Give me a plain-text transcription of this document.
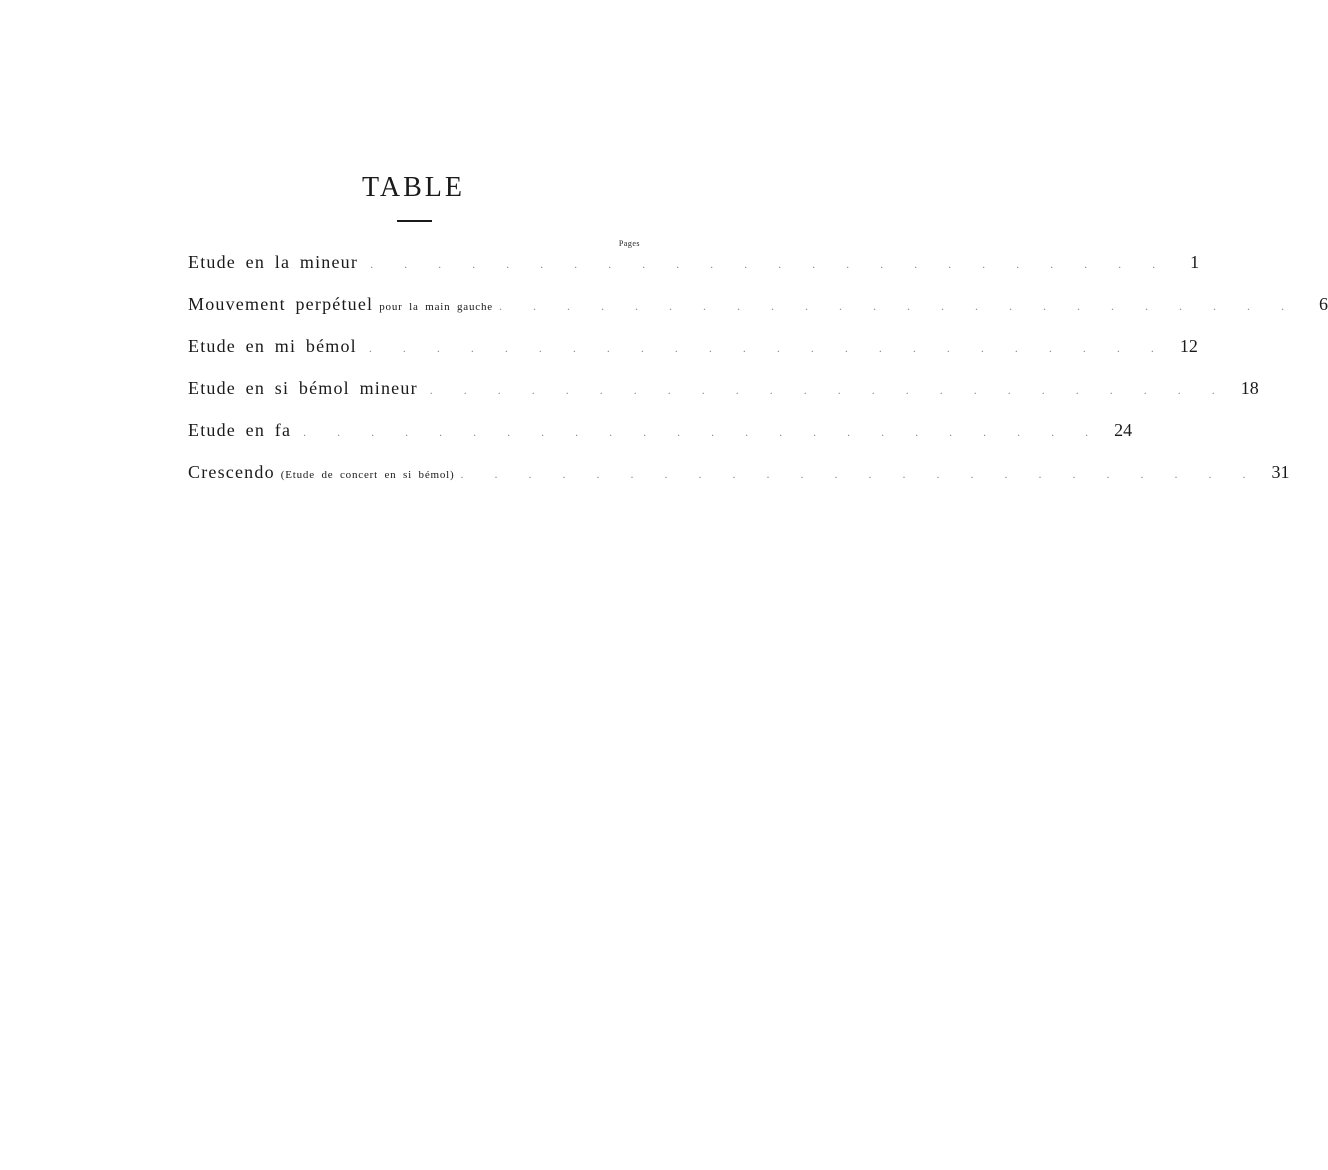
TABLE
Pages
Etude en la mineur . . . . . . . . . . . . . . . . . . . . . . . .	1
Mouvement perpétuel pour la main gauche . . . . . . . . . . . . . . . . . . . . . . . .	6
Etude en mi bémol . . . . . . . . . . . . . . . . . . . . . . . . 12
Etude en si bémol mineur . . . . . . . . . . . . . . . . . . . . . . . . 18
Etude en fa . . . . . . . . . . . . . . . . . . . . . . . . 24
Crescendo (Etude de concert en si bémol) . . . . . . . . . . . . . . . . . . . . . . . . 31
